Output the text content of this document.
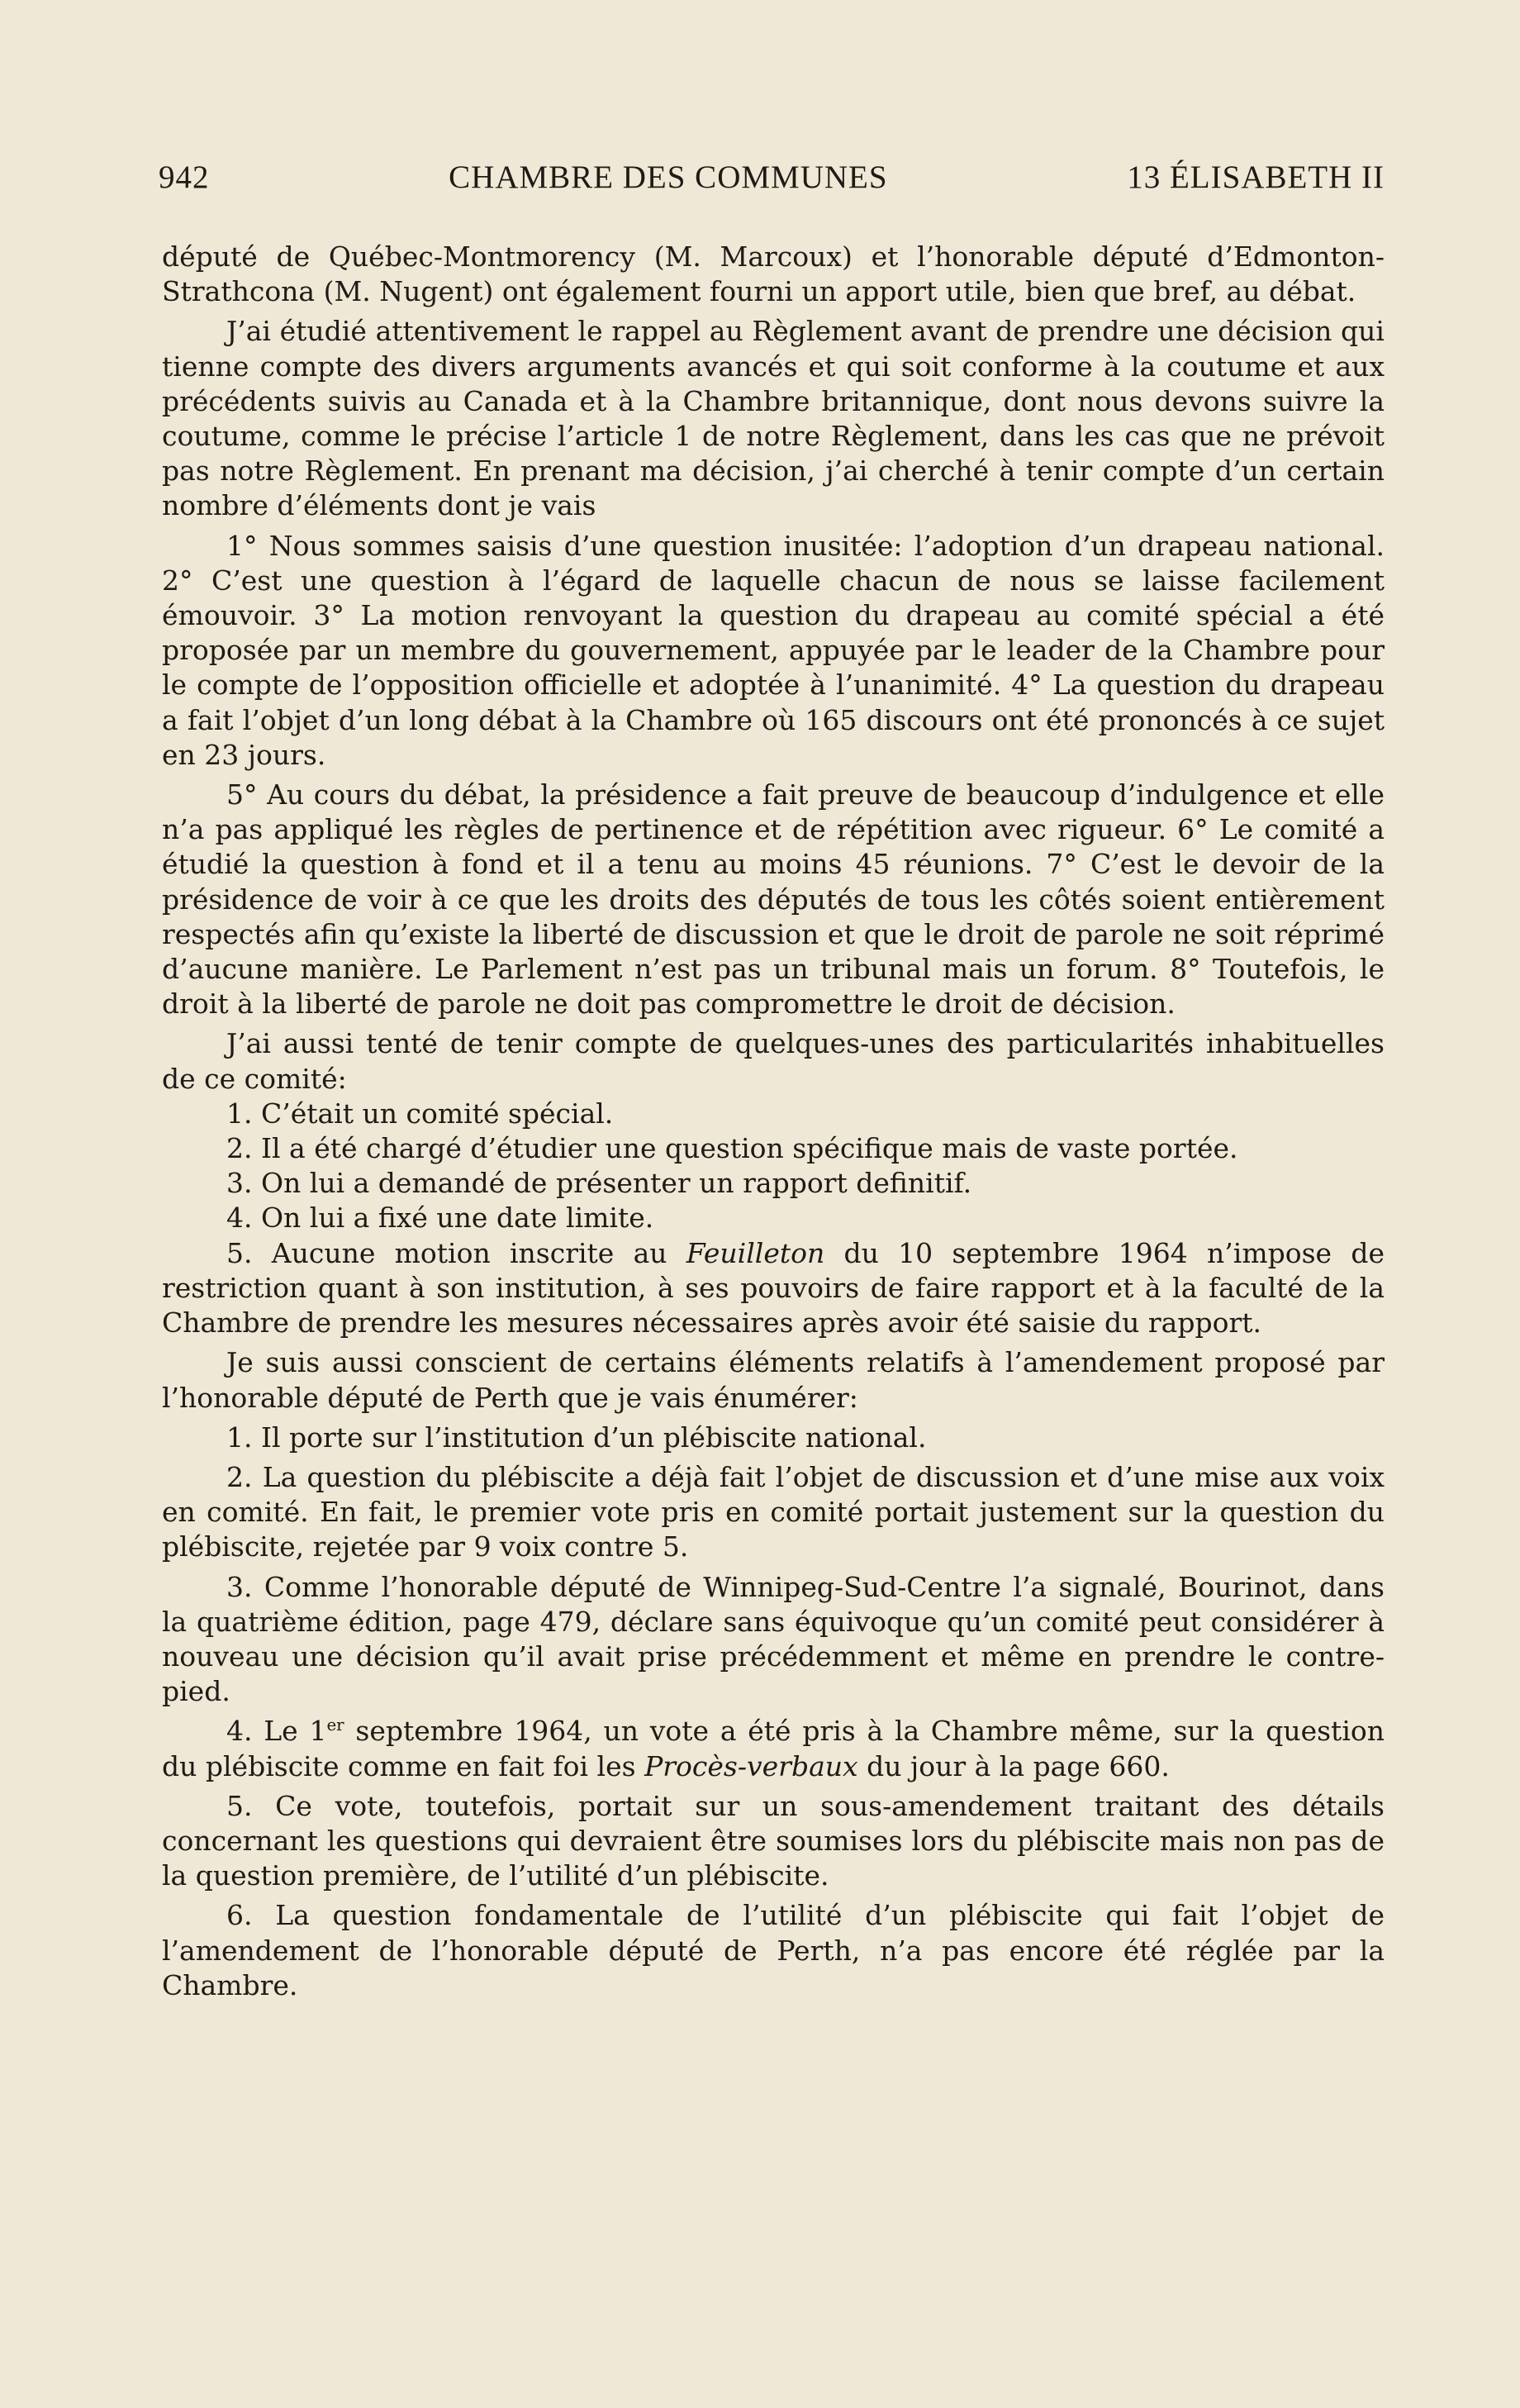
942	CHAMBRE DES COMMUNES	13 ÉLISABETH II

député de Québec-Montmorency (M. Marcoux) et l’honorable député d’Edmonton-Strathcona (M. Nugent) ont également fourni un apport utile, bien que bref, au débat.

J’ai étudié attentivement le rappel au Règlement avant de prendre une décision qui tienne compte des divers arguments avancés et qui soit conforme à la coutume et aux précédents suivis au Canada et à la Chambre britannique, dont nous devons suivre la coutume, comme le précise l’article 1 de notre Règlement, dans les cas que ne prévoit pas notre Règlement. En prenant ma décision, j’ai cherché à tenir compte d’un certain nombre d’éléments dont je vais

1° Nous sommes saisis d’une question inusitée: l’adoption d’un drapeau national. 2° C’est une question à l’égard de laquelle chacun de nous se laisse facilement émouvoir. 3° La motion renvoyant la question du drapeau au comité spécial a été proposée par un membre du gouvernement, appuyée par le leader de la Chambre pour le compte de l’opposition officielle et adoptée à l’unanimité. 4° La question du drapeau a fait l’objet d’un long débat à la Chambre où 165 discours ont été prononcés à ce sujet en 23 jours.

5° Au cours du débat, la présidence a fait preuve de beaucoup d’indulgence et elle n’a pas appliqué les règles de pertinence et de répétition avec rigueur. 6° Le comité a étudié la question à fond et il a tenu au moins 45 réunions. 7° C’est le devoir de la présidence de voir à ce que les droits des députés de tous les côtés soient entièrement respectés afin qu’existe la liberté de discussion et que le droit de parole ne soit réprimé d’aucune manière. Le Parlement n’est pas un tribunal mais un forum. 8° Toutefois, le droit à la liberté de parole ne doit pas compromettre le droit de décision.

J’ai aussi tenté de tenir compte de quelques-unes des particularités inhabituelles de ce comité:

1. C’était un comité spécial.
2. Il a été chargé d’étudier une question spécifique mais de vaste portée.
3. On lui a demandé de présenter un rapport definitif.
4. On lui a fixé une date limite.

5. Aucune motion inscrite au Feuilleton du 10 septembre 1964 n’impose de restriction quant à son institution, à ses pouvoirs de faire rapport et à la faculté de la Chambre de prendre les mesures nécessaires après avoir été saisie du rapport.

Je suis aussi conscient de certains éléments relatifs à l’amendement proposé par l’honorable député de Perth que je vais énumérer:

1. Il porte sur l’institution d’un plébiscite national.

2. La question du plébiscite a déjà fait l’objet de discussion et d’une mise aux voix en comité. En fait, le premier vote pris en comité portait justement sur la question du plébiscite, rejetée par 9 voix contre 5.

3. Comme l’honorable député de Winnipeg-Sud-Centre l’a signalé, Bourinot, dans la quatrième édition, page 479, déclare sans équivoque qu’un comité peut considérer à nouveau une décision qu’il avait prise précédemment et même en prendre le contre-pied.

4. Le 1er septembre 1964, un vote a été pris à la Chambre même, sur la question du plébiscite comme en fait foi les Procès-verbaux du jour à la page 660.

5. Ce vote, toutefois, portait sur un sous-amendement traitant des détails concernant les questions qui devraient être soumises lors du plébiscite mais non pas de la question première, de l’utilité d’un plébiscite.

6. La question fondamentale de l’utilité d’un plébiscite qui fait l’objet de l’amendement de l’honorable député de Perth, n’a pas encore été réglée par la Chambre.
